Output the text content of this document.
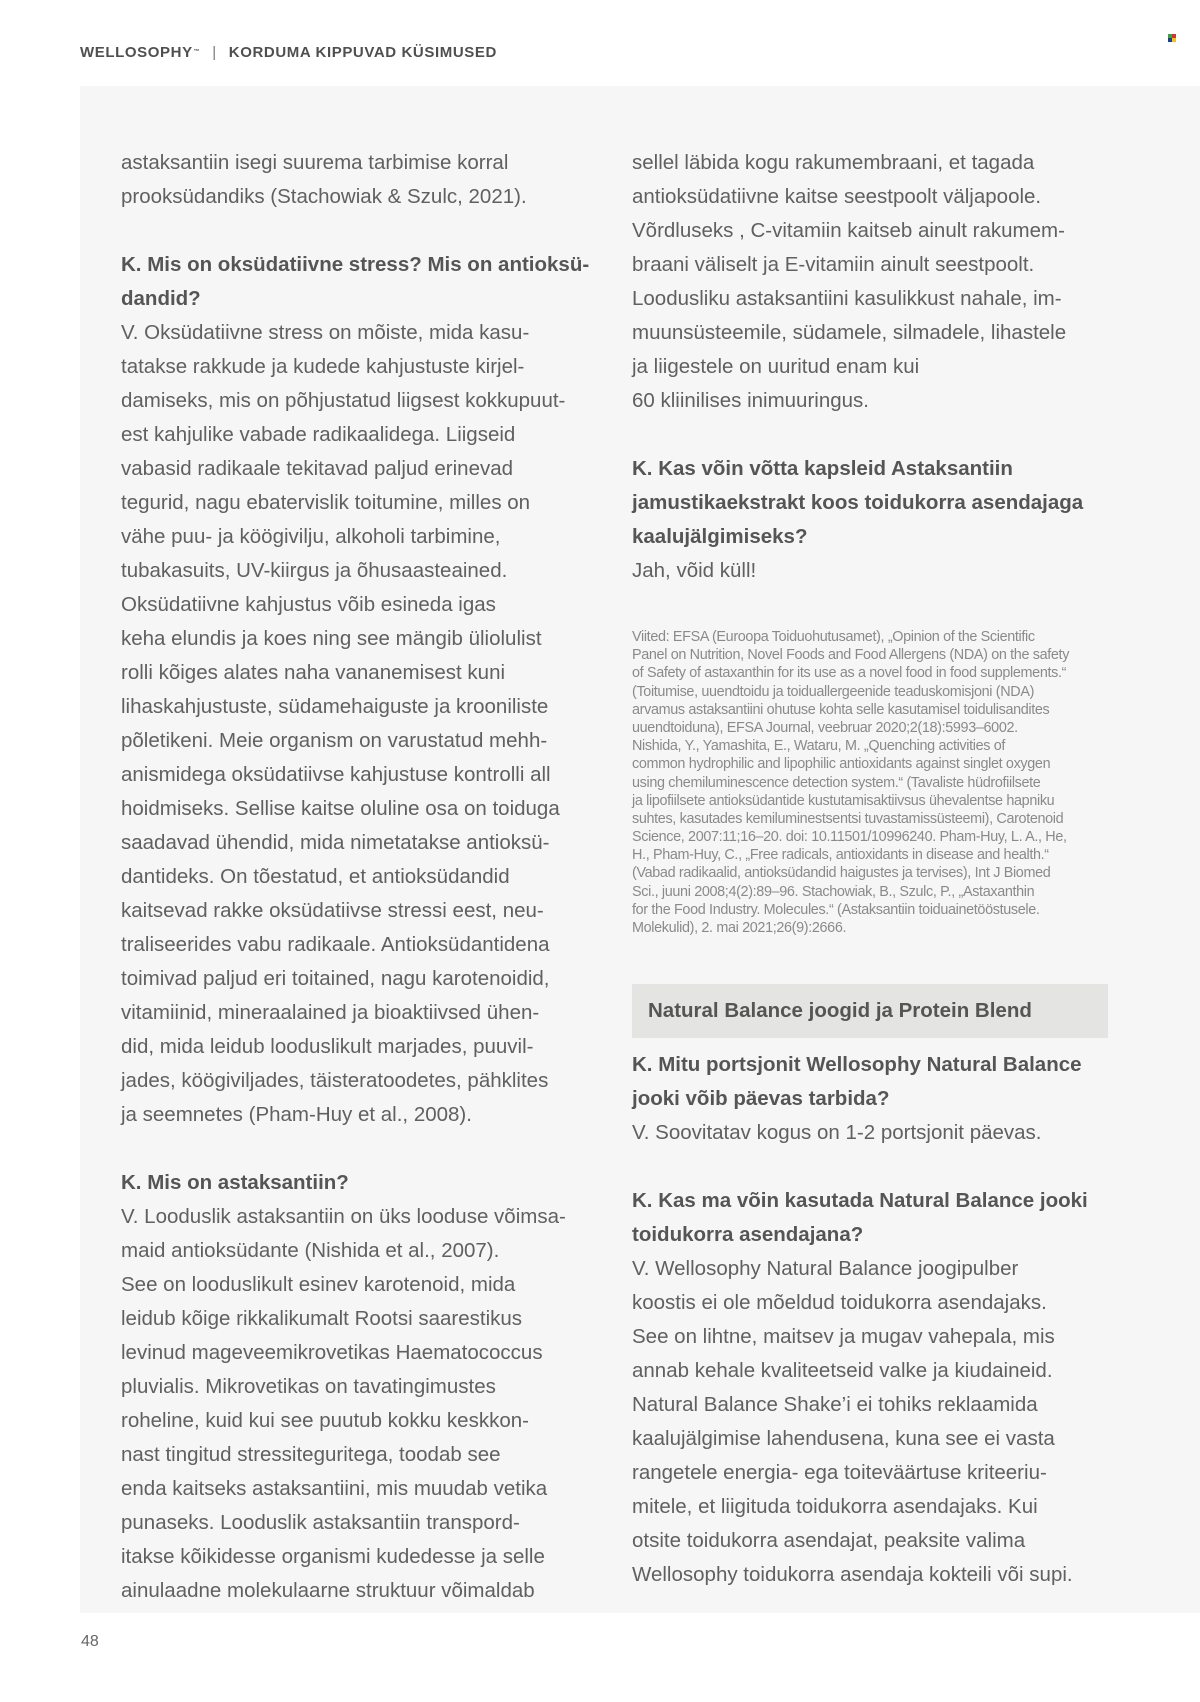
WELLOSOPHY ™ | KORDUMA KIPPUVAD KÜSIMUSED
astaksantiin isegi suurema tarbimise korral
prooksüdandiks (Stachowiak & Szulc, 2021).
K. Mis on oksüdatiivne stress? Mis on antioksü-
dandid?
V. Oksüdatiivne stress on mõiste, mida kasu-
tatakse rakkude ja kudede kahjustuste kirjel-
damiseks, mis on põhjustatud liigsest kokkupuut-
est kahjulike vabade radikaalidega. Liigseid
vabasid radikaale tekitavad paljud erinevad
tegurid, nagu ebatervislik toitumine, milles on
vähe puu- ja köögivilju, alkoholi tarbimine,
tubakasuits, UV-kiirgus ja õhusaasteained.
Oksüdatiivne kahjustus võib esineda igas
keha elundis ja koes ning see mängib üliolulist
rolli kõiges alates naha vananemisest kuni
lihaskahjustuste, südamehaiguste ja krooniliste
põletikeni. Meie organism on varustatud mehh-
anismidega oksüdatiivse kahjustuse kontrolli all
hoidmiseks. Sellise kaitse oluline osa on toiduga
saadavad ühendid, mida nimetatakse antioksü-
dantideks. On tõestatud, et antioksüdandid
kaitsevad rakke oksüdatiivse stressi eest, neu-
traliseerides vabu radikaale. Antioksüdantidena
toimivad paljud eri toitained, nagu karotenoidid,
vitamiinid, mineraalained ja bioaktiivsed ühen-
did, mida leidub looduslikult marjades, puuvil-
jades, köögiviljades, täisteratoodetes, pähklites
ja seemnetes (Pham-Huy et al., 2008).
K. Mis on astaksantiin?
V. Looduslik astaksantiin on üks looduse võimsa-
maid antioksüdante (Nishida et al., 2007).
See on looduslikult esinev karotenoid, mida
leidub kõige rikkalikumalt Rootsi saarestikus
levinud mageveemikrovetikas Haematococcus
pluvialis. Mikrovetikas on tavatingimustes
roheline, kuid kui see puutub kokku keskkon-
nast tingitud stressiteguritega, toodab see
enda kaitseks astaksantiini, mis muudab vetika
punaseks. Looduslik astaksantiin transpord-
itakse kõikidesse organismi kudedesse ja selle
ainulaadne molekulaarne struktuur võimaldab
sellel läbida kogu rakumembraani, et tagada
antioksüdatiivne kaitse seestpoolt väljapoole.
Võrdluseks , C-vitamiin kaitseb ainult rakumem-
braani väliselt ja E-vitamiin ainult seestpoolt.
Loodusliku astaksantiini kasulikkust nahale, im-
muunsüsteemile, südamele, silmadele, lihastele
ja liigestele on uuritud enam kui
60 kliinilises inimuuringus.
K. Kas võin võtta kapsleid Astaksantiin
jamustikaekstrakt koos toidukorra asendajaga
kaalujälgimiseks?
Jah, võid küll!
Viited: EFSA (Euroopa Toiduohutusamet), „Opinion of the Scientific
Panel on Nutrition, Novel Foods and Food Allergens (NDA) on the safety
of Safety of astaxanthin for its use as a novel food in food supplements.“
(Toitumise, uuendtoidu ja toiduallergeenide teaduskomisjoni (NDA)
arvamus astaksantiini ohutuse kohta selle kasutamisel toidulisandites
uuendtoiduna), EFSA Journal, veebruar 2020;2(18):5993–6002.
Nishida, Y., Yamashita, E., Wataru, M. „Quenching activities of
common hydrophilic and lipophilic antioxidants against singlet oxygen
using chemiluminescence detection system.“ (Tavaliste hüdrofiilsete
ja lipofiilsete antioksüdantide kustutamisaktiivsus ühevalentse hapniku
suhtes, kasutades kemiluminestsentsi tuvastamissüsteemi), Carotenoid
Science, 2007:11;16–20. doi: 10.11501/10996240. Pham-Huy, L. A., He,
H., Pham-Huy, C., „Free radicals, antioxidants in disease and health.“
(Vabad radikaalid, antioksüdandid haigustes ja tervises), Int J Biomed
Sci., juuni 2008;4(2):89–96. Stachowiak, B., Szulc, P., „Astaxanthin
for the Food Industry. Molecules.“ (Astaksantiin toiduainetööstusele.
Molekulid), 2. mai 2021;26(9):2666.
Natural Balance joogid ja Protein Blend
K. Mitu portsjonit Wellosophy Natural Balance
jooki võib päevas tarbida?
V. Soovitatav kogus on 1-2 portsjonit päevas.
K. Kas ma võin kasutada Natural Balance jooki
toidukorra asendajana?
V. Wellosophy Natural Balance joogipulber
koostis ei ole mõeldud toidukorra asendajaks.
See on lihtne, maitsev ja mugav vahepala, mis
annab kehale kvaliteetseid valke ja kiudaineid.
Natural Balance Shake’i ei tohiks reklaamida
kaalujälgimise lahendusena, kuna see ei vasta
rangetele energia- ega toiteväärtuse kriteeriu-
mitele, et liigituda toidukorra asendajaks. Kui
otsite toidukorra asendajat, peaksite valima
Wellosophy toidukorra asendaja kokteili või supi.
48
